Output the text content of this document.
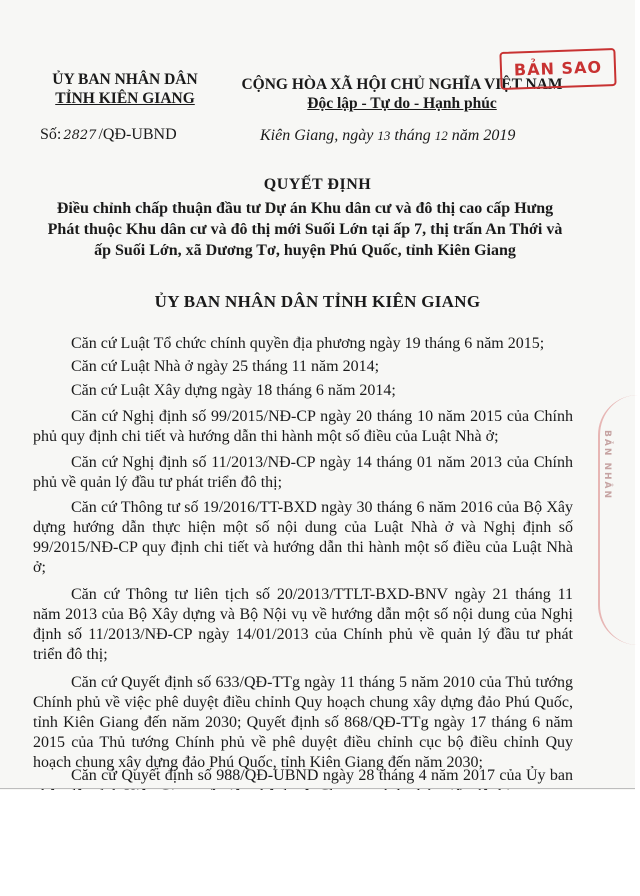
ỦY BAN NHÂN DÂN
TỈNH KIÊN GIANG
CỘNG HÒA XÃ HỘI CHỦ NGHĨA VIỆT NAM
Độc lập - Tự do - Hạnh phúc
BẢN SAO
Số: 2827 /QĐ-UBND	Kiên Giang, ngày 13 tháng 12 năm 2019
QUYẾT ĐỊNH
Điều chỉnh chấp thuận đầu tư Dự án Khu dân cư và đô thị cao cấp Hưng
Phát thuộc Khu dân cư và đô thị mới Suối Lớn tại ấp 7, thị trấn An Thới và
ấp Suối Lớn, xã Dương Tơ, huyện Phú Quốc, tỉnh Kiên Giang
ỦY BAN NHÂN DÂN TỈNH KIÊN GIANG

Căn cứ Luật Tổ chức chính quyền địa phương ngày 19 tháng 6 năm 2015;

Căn cứ Luật Nhà ở ngày 25 tháng 11 năm 2014;

Căn cứ Luật Xây dựng ngày 18 tháng 6 năm 2014;

Căn cứ Nghị định số 99/2015/NĐ-CP ngày 20 tháng 10 năm 2015 của Chính phủ quy định chi tiết và hướng dẫn thi hành một số điều của Luật Nhà ở;

Căn cứ Nghị định số 11/2013/NĐ-CP ngày 14 tháng 01 năm 2013 của Chính phủ về quản lý đầu tư phát triển đô thị;

Căn cứ Thông tư số 19/2016/TT-BXD ngày 30 tháng 6 năm 2016 của Bộ Xây dựng hướng dẫn thực hiện một số nội dung của Luật Nhà ở và Nghị định số 99/2015/NĐ-CP quy định chi tiết và hướng dẫn thi hành một số điều của Luật Nhà ở;

Căn cứ Thông tư liên tịch số 20/2013/TTLT-BXD-BNV ngày 21 tháng 11 năm 2013 của Bộ Xây dựng và Bộ Nội vụ về hướng dẫn một số nội dung của Nghị định số 11/2013/NĐ-CP ngày 14/01/2013 của Chính phủ về quản lý đầu tư phát triển đô thị;

Căn cứ Quyết định số 633/QĐ-TTg ngày 11 tháng 5 năm 2010 của Thủ tướng Chính phủ về việc phê duyệt điều chỉnh Quy hoạch chung xây dựng đảo Phú Quốc, tỉnh Kiên Giang đến năm 2030; Quyết định số 868/QĐ-TTg ngày 17 tháng 6 năm 2015 của Thủ tướng Chính phủ về phê duyệt điều chỉnh cục bộ điều chỉnh Quy hoạch chung xây dựng đảo Phú Quốc, tỉnh Kiên Giang đến năm 2030;

Căn cứ Quyết định số 988/QĐ-UBND ngày 28 tháng 4 năm 2017 của Ủy ban

BẢN NHÂN
